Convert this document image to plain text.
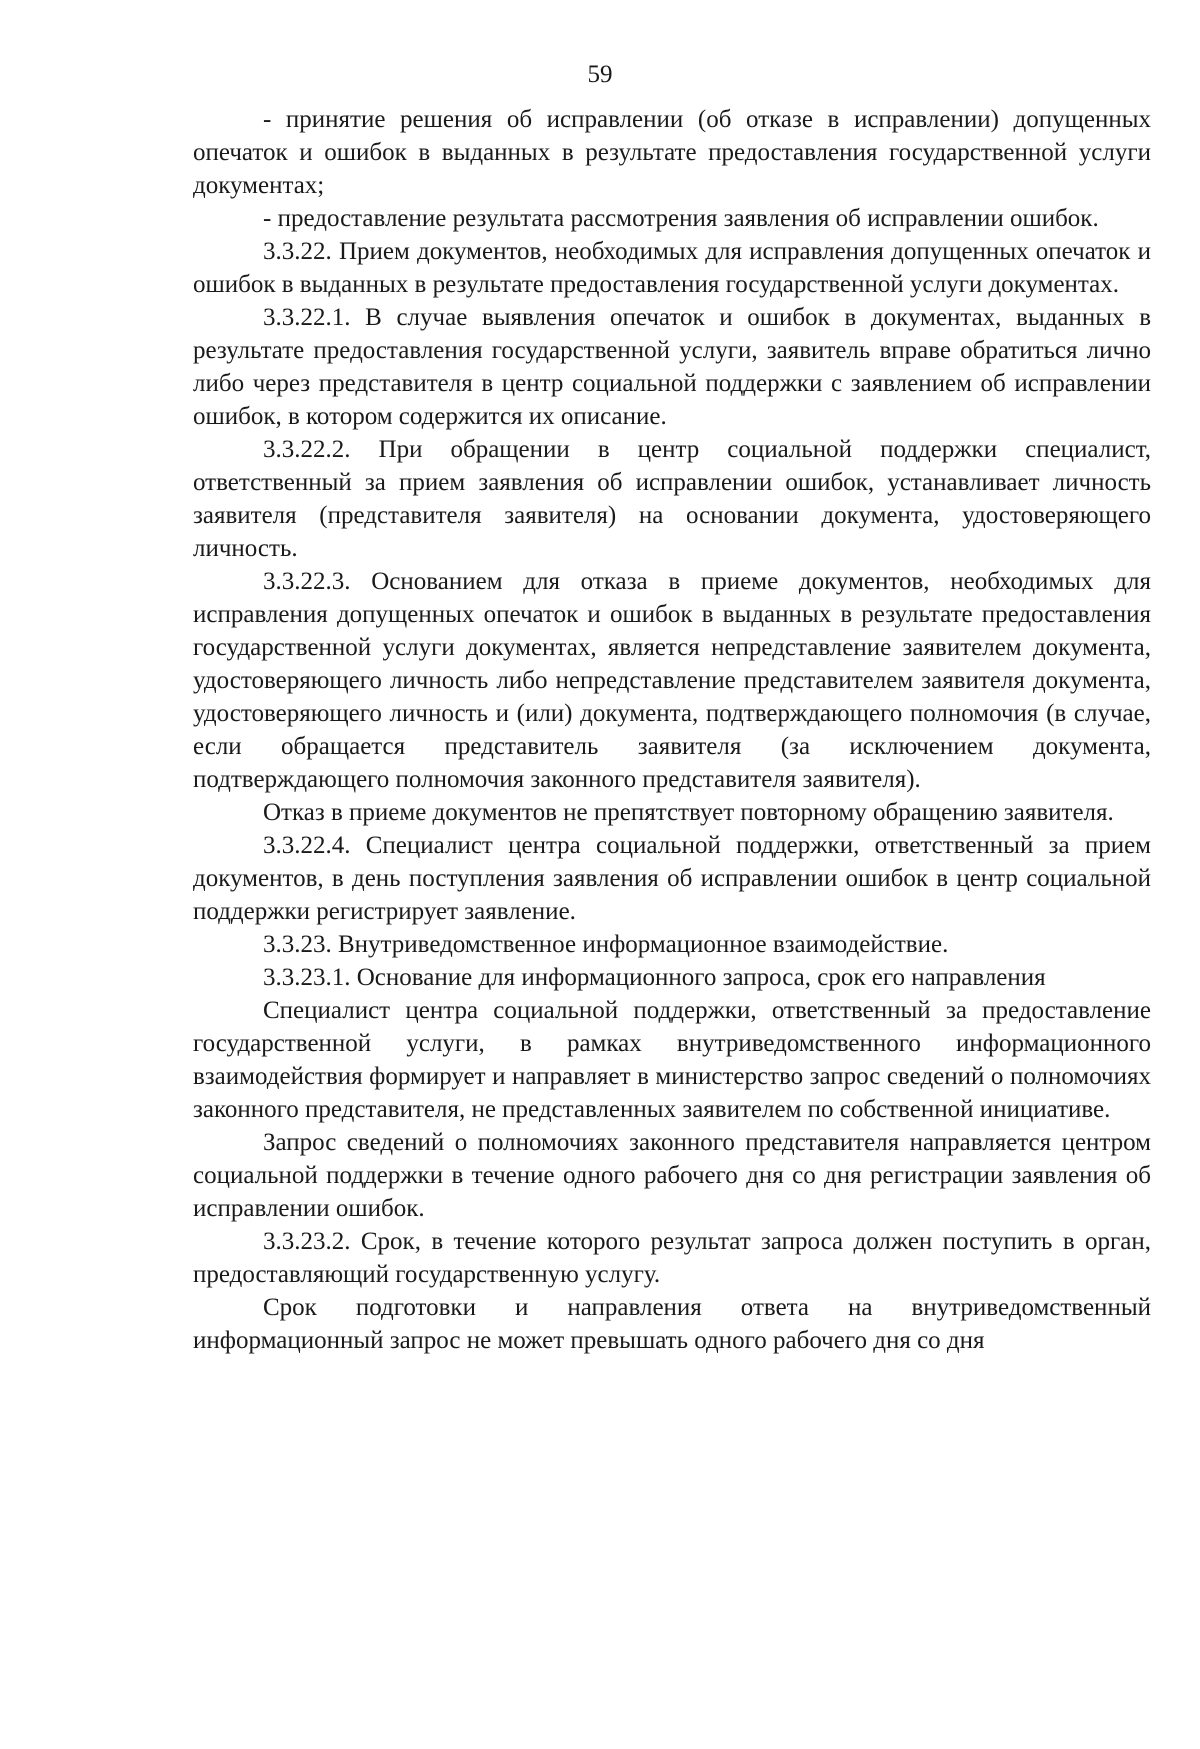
59

- принятие решения об исправлении (об отказе в исправлении) допущенных опечаток и ошибок в выданных в результате предоставления государственной услуги документах;

- предоставление результата рассмотрения заявления об исправлении ошибок.

3.3.22. Прием документов, необходимых для исправления допущенных опечаток и ошибок в выданных в результате предоставления государственной услуги документах.

3.3.22.1. В случае выявления опечаток и ошибок в документах, выданных в результате предоставления государственной услуги, заявитель вправе обратиться лично либо через представителя в центр социальной поддержки с заявлением об исправлении ошибок, в котором содержится их описание.

3.3.22.2. При обращении в центр социальной поддержки специалист, ответственный за прием заявления об исправлении ошибок, устанавливает личность заявителя (представителя заявителя) на основании документа, удостоверяющего личность.

3.3.22.3. Основанием для отказа в приеме документов, необходимых для исправления допущенных опечаток и ошибок в выданных в результате предоставления государственной услуги документах, является непредставление заявителем документа, удостоверяющего личность либо непредставление представителем заявителя документа, удостоверяющего личность и (или) документа, подтверждающего полномочия (в случае, если обращается представитель заявителя (за исключением документа, подтверждающего полномочия законного представителя заявителя).

Отказ в приеме документов не препятствует повторному обращению заявителя.

3.3.22.4. Специалист центра социальной поддержки, ответственный за прием документов, в день поступления заявления об исправлении ошибок в центр социальной поддержки регистрирует заявление.

3.3.23. Внутриведомственное информационное взаимодействие.

3.3.23.1. Основание для информационного запроса, срок его направления

Специалист центра социальной поддержки, ответственный за предоставление государственной услуги, в рамках внутриведомственного информационного взаимодействия формирует и направляет в министерство запрос сведений о полномочиях законного представителя, не представленных заявителем по собственной инициативе.

Запрос сведений о полномочиях законного представителя направляется центром социальной поддержки в течение одного рабочего дня со дня регистрации заявления об исправлении ошибок.

3.3.23.2. Срок, в течение которого результат запроса должен поступить в орган, предоставляющий государственную услугу.

Срок подготовки и направления ответа на внутриведомственный информационный запрос не может превышать одного рабочего дня со дня
